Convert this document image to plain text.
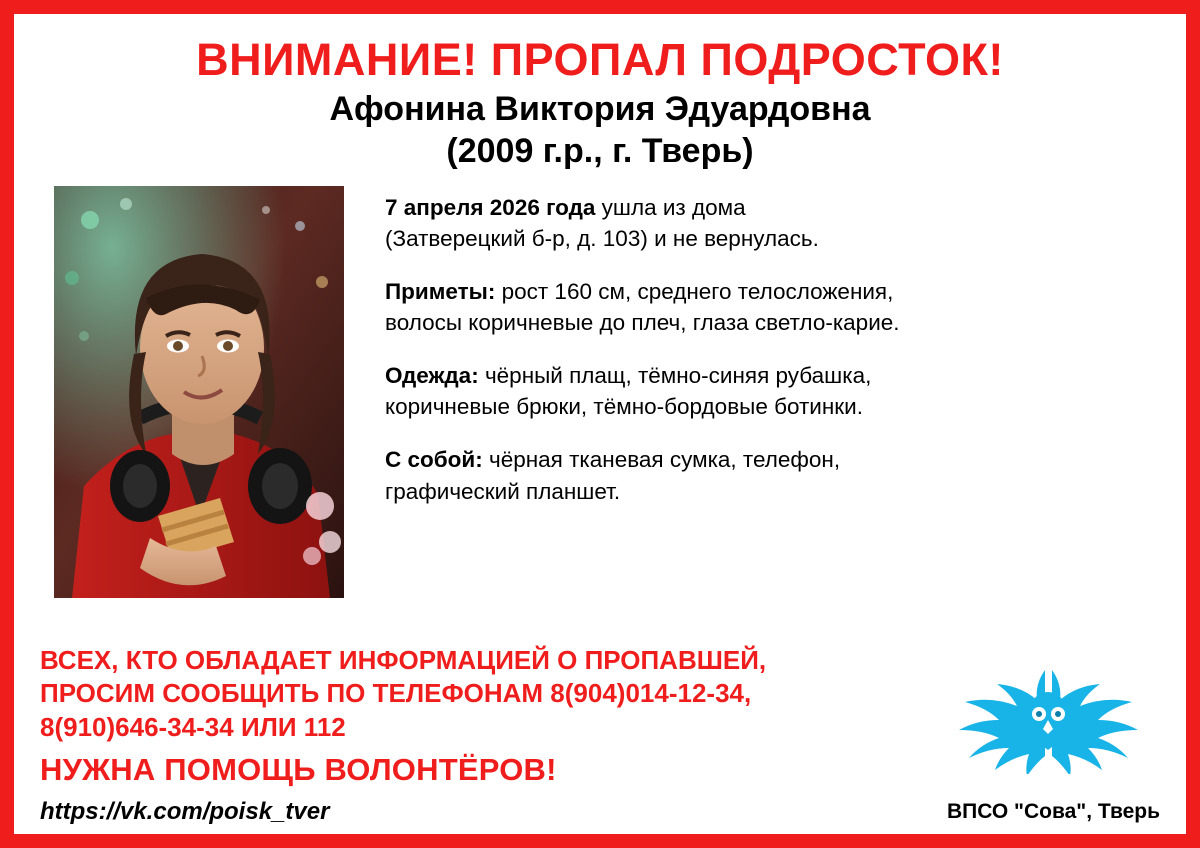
ВНИМАНИЕ! ПРОПАЛ ПОДРОСТОК!
Афонина Виктория Эдуардовна
(2009 г.р., г. Тверь)

7 апреля 2026 года ушла из дома
(Затверецкий б-р, д. 103) и не вернулась.

Приметы: рост 160 см, среднего телосложения,
волосы коричневые до плеч, глаза светло-карие.

Одежда: чёрный плащ, тёмно-синяя рубашка,
коричневые брюки, тёмно-бордовые ботинки.

С собой: чёрная тканевая сумка, телефон,
графический планшет.

ВСЕХ, КТО ОБЛАДАЕТ ИНФОРМАЦИЕЙ О ПРОПАВШЕЙ,
ПРОСИМ СООБЩИТЬ ПО ТЕЛЕФОНАМ 8(904)014-12-34,
8(910)646-34-34 ИЛИ 112
НУЖНА ПОМОЩЬ ВОЛОНТЁРОВ!
https://vk.com/poisk_tver	ВПСО "Сова", Тверь
